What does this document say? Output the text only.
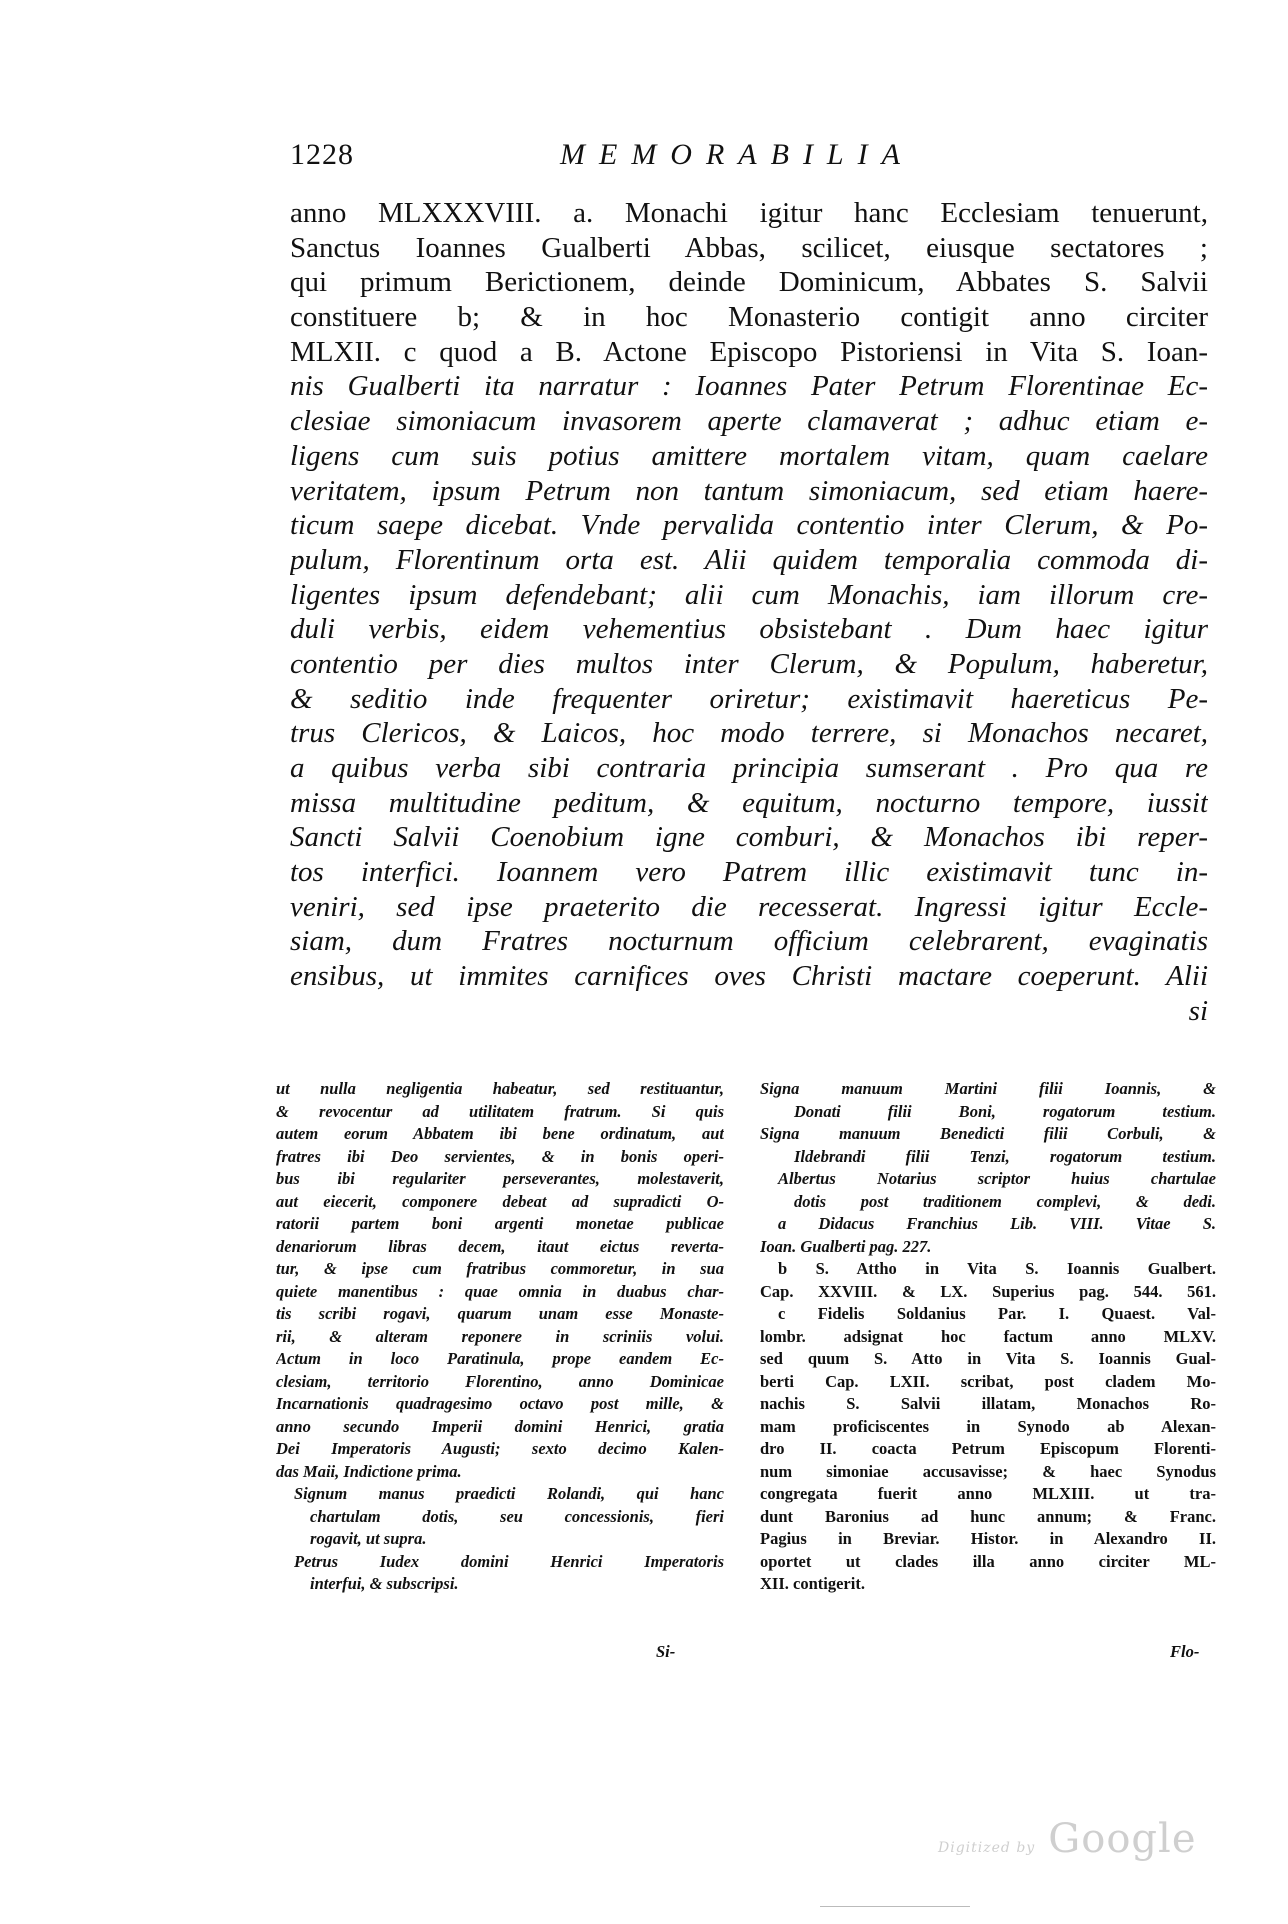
1228	MEMORABILIA
anno MLXXXVIII. a. Monachi igitur hanc Ecclesiam tenuerunt,
Sanctus Ioannes Gualberti Abbas, scilicet, eiusque sectatores ;
qui primum Berictionem, deinde Dominicum, Abbates S. Salvii
constituere b; & in hoc Monasterio contigit anno circiter
MLXII. c quod a B. Actone Episcopo Pistoriensi in Vita S. Ioan-
nis Gualberti ita narratur : Ioannes Pater Petrum Florentinae Ec-
clesiae simoniacum invasorem aperte clamaverat ; adhuc etiam e-
ligens cum suis potius amittere mortalem vitam, quam caelare
veritatem, ipsum Petrum non tantum simoniacum, sed etiam haere-
ticum saepe dicebat. Vnde pervalida contentio inter Clerum, & Po-
pulum, Florentinum orta est. Alii quidem temporalia commoda di-
ligentes ipsum defendebant; alii cum Monachis, iam illorum cre-
duli verbis, eidem vehementius obsistebant . Dum haec igitur
contentio per dies multos inter Clerum, & Populum, haberetur,
& seditio inde frequenter oriretur; existimavit haereticus Pe-
trus Clericos, & Laicos, hoc modo terrere, si Monachos necaret,
a quibus verba sibi contraria principia sumserant . Pro qua re
missa multitudine peditum, & equitum, nocturno tempore, iussit
Sancti Salvii Coenobium igne comburi, & Monachos ibi reper-
tos interfici. Ioannem vero Patrem illic existimavit tunc in-
veniri, sed ipse praeterito die recesserat. Ingressi igitur Eccle-
siam, dum Fratres nocturnum officium celebrarent, evaginatis
ensibus, ut immites carnifices oves Christi mactare coeperunt. Alii
si
ut nulla negligentia habeatur, sed restituantur,
& revocentur ad utilitatem fratrum. Si quis
autem eorum Abbatem ibi bene ordinatum, aut
fratres ibi Deo servientes, & in bonis operi-
bus ibi regulariter perseverantes, molestaverit,
aut eiecerit, componere debeat ad supradicti O-
ratorii partem boni argenti monetae publicae
denariorum libras decem, itaut eictus reverta-
tur, & ipse cum fratribus commoretur, in sua
quiete manentibus : quae omnia in duabus char-
tis scribi rogavi, quarum unam esse Monaste-
rii, & alteram reponere in scriniis volui.
Actum in loco Paratinula, prope eandem Ec-
clesiam, territorio Florentino, anno Dominicae
Incarnationis quadragesimo octavo post mille, &
anno secundo Imperii domini Henrici, gratia
Dei Imperatoris Augusti; sexto decimo Kalen-
das Maii, Indictione prima.
Signum manus praedicti Rolandi, qui hanc
chartulam dotis, seu concessionis, fieri
rogavit, ut supra.
Petrus Iudex domini Henrici Imperatoris
interfui, & subscripsi.
Si-
Signa manuum Martini filii Ioannis, &
Donati filii Boni, rogatorum testium.
Signa manuum Benedicti filii Corbuli, &
Ildebrandi filii Tenzi, rogatorum testium.
Albertus Notarius scriptor huius chartulae
dotis post traditionem complevi, & dedi.
a Didacus Franchius Lib. VIII. Vitae S.
Ioan. Gualberti pag. 227.
b S. Attho in Vita S. Ioannis Gualbert.
Cap. XXVIII. & LX. Superius pag. 544. 561.
c Fidelis Soldanius Par. I. Quaest. Val-
lombr. adsignat hoc factum anno MLXV.
sed quum S. Atto in Vita S. Ioannis Gual-
berti Cap. LXII. scribat, post cladem Mo-
nachis S. Salvii illatam, Monachos Ro-
mam proficiscentes in Synodo ab Alexan-
dro II. coacta Petrum Episcopum Florenti-
num simoniae accusavisse; & haec Synodus
congregata fuerit anno MLXIII. ut tra-
dunt Baronius ad hunc annum; & Franc.
Pagius in Breviar. Histor. in Alexandro II.
oportet ut clades illa anno circiter ML-
XII. contigerit.
Flo-
Digitized by Google
